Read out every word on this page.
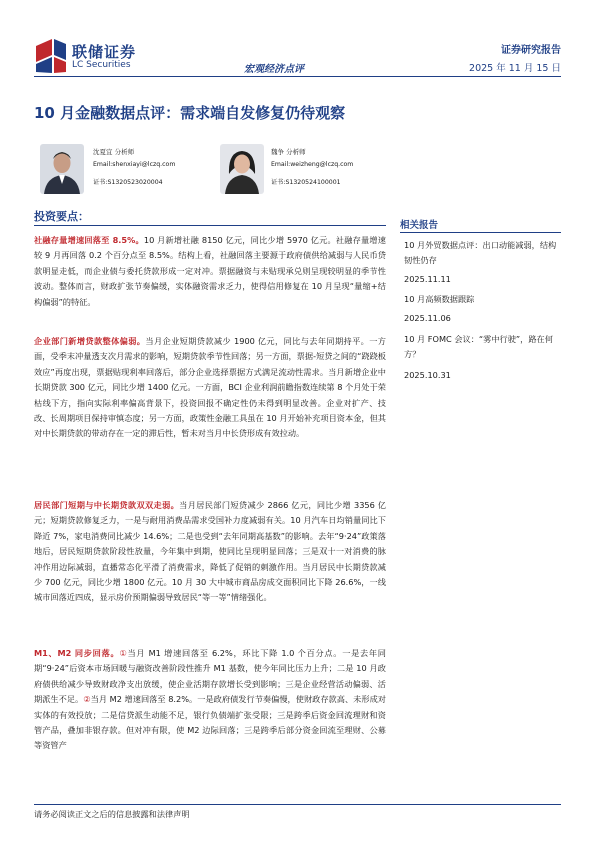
联储证券
LC Securities	宏观经济点评
证券研究报告
2025 年 11 月 15 日
10 月金融数据点评：需求端自发修复仍待观察
沈夏宜 分析师
Email:shenxiayi@lczq.com
证书:S1320523020004
魏争 分析师
Email:weizheng@lczq.com
证书:S1320524100001
投资要点：

社融存量增速回落至 8.5%。10 月新增社融 8150 亿元，同比少增 5970 亿元。社融存量增速较 9 月再回落 0.2 个百分点至 8.5%。结构上看，社融回落主要源于政府债供给减弱与人民币贷款明显走低，而企业债与委托贷款形成一定对冲。票据融资与未贴现承兑则呈现较明显的季节性波动。整体而言，财政扩张节奏偏缓，实体融资需求乏力，使得信用修复在 10 月呈现“量缩+结构偏弱”的特征。

企业部门新增贷款整体偏弱。当月企业短期贷款减少 1900 亿元，同比与去年同期持平。一方面，受季末冲量透支次月需求的影响，短期贷款季节性回落；另一方面，票据-短贷之间的“跷跷板效应”再度出现，票据贴现利率回落后，部分企业选择票据方式满足流动性需求。当月新增企业中长期贷款 300 亿元，同比少增 1400 亿元。一方面，BCI 企业利润前瞻指数连续第 8 个月处于荣枯线下方，指向实际利率偏高背景下，投资回报不确定性仍未得到明显改善。企业对扩产、技改、长周期项目保持审慎态度；另一方面，政策性金融工具虽在 10 月开始补充项目资本金，但其对中长期贷款的带动存在一定的滞后性，暂未对当月中长贷形成有效拉动。

居民部门短期与中长期贷款双双走弱。当月居民部门短贷减少 2866 亿元，同比少增 3356 亿元；短期贷款修复乏力，一是与耐用消费品需求受国补力度减弱有关。10 月汽车日均销量同比下降近 7%，家电消费同比减少 14.6%；二是也受到“去年同期高基数”的影响。去年“9·24”政策落地后，居民短期贷款阶段性放量，今年集中到期，使同比呈现明显回落；三是双十一对消费的脉冲作用边际减弱，直播常态化平滑了消费需求，降低了促销的刺激作用。当月居民中长期贷款减少 700 亿元，同比少增 1800 亿元。10 月 30 大中城市商品房成交面积同比下降 26.6%，一线城市回落近四成，显示房价预期偏弱导致居民“等一等”情绪强化。

M1、M2 同步回落。①当月 M1 增速回落至 6.2%，环比下降 1.0 个百分点。一是去年同期“9·24”后资本市场回暖与融资改善阶段性推升 M1 基数，使今年同比压力上升；二是 10 月政府债供给减少导致财政净支出放缓，使企业活期存款增长受到影响；三是企业经营活动偏弱、活期派生不足。②当月 M2 增速回落至 8.2%。一是政府债发行节奏偏慢，使财政存款高、未形成对实体的有效投放；二是信贷派生动能不足，银行负债端扩张受限；三是跨季后资金回流理财和资管产品，叠加非银存款。但对冲有限，使 M2 边际回落；三是跨季后部分资金回流至理财、公募等资管产

相关报告

10 月外贸数据点评：出口动能减弱，结构韧性仍存

2025.11.11

10 月高频数据跟踪

2025.11.06

10 月 FOMC 会议：“雾中行驶”，路在何方？

2025.10.31

请务必阅读正文之后的信息披露和法律声明
